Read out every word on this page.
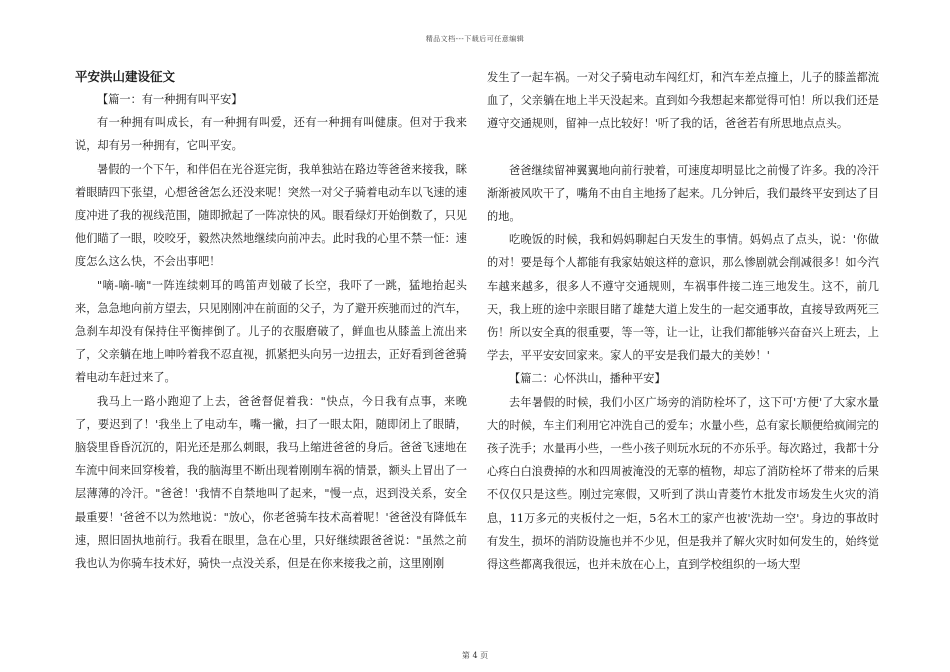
精品文档---下载后可任意编辑
平安洪山建设征文
【篇一：有一种拥有叫平安】

有一种拥有叫成长，有一种拥有叫爱，还有一种拥有叫健康。但对于我来说，却有另一种拥有，它叫平安。

暑假的一个下午，和伴侣在光谷逛完街，我单独站在路边等爸爸来接我，眯着眼睛四下张望，心想爸爸怎么还没来呢！突然一对父子骑着电动车以飞速的速度冲进了我的视线范围，随即掀起了一阵凉快的风。眼看绿灯开始倒数了，只见他们瞄了一眼，咬咬牙，毅然决然地继续向前冲去。此时我的心里不禁一怔：速度怎么这么快，不会出事吧！

"嘀-嘀-嘀"一阵连续刺耳的鸣笛声划破了长空，我吓了一跳，猛地抬起头来，急急地向前方望去，只见刚刚冲在前面的父子，为了避开疾驰而过的汽车，急刹车却没有保持住平衡摔倒了。儿子的衣服磨破了，鲜血也从膝盖上流出来了，父亲躺在地上呻吟着我不忍直视，抓紧把头向另一边扭去，正好看到爸爸骑着电动车赶过来了。

我马上一路小跑迎了上去，爸爸督促着我："快点，今日我有点事，来晚了，要迟到了！'我坐上了电动车，嘴一撇，扫了一眼太阳，随即闭上了眼睛，脑袋里昏昏沉沉的，阳光还是那么刺眼，我马上缩进爸爸的身后。爸爸飞速地在车流中间来回穿梭着，我的脑海里不断出现着刚刚车祸的情景，额头上冒出了一层薄薄的冷汗。"爸爸！'我情不自禁地叫了起来，"慢一点，迟到没关系，安全最重要！'爸爸不以为然地说："放心，你老爸骑车技术高着呢！'爸爸没有降低车速，照旧固执地前行。我看在眼里，急在心里，只好继续跟爸爸说："虽然之前我也认为你骑车技术好，骑快一点没关系，但是在你来接我之前，这里刚刚

发生了一起车祸。一对父子骑电动车闯红灯，和汽车差点撞上，儿子的膝盖都流血了，父亲躺在地上半天没起来。直到如今我想起来都觉得可怕！所以我们还是遵守交通规则，留神一点比较好！'听了我的话，爸爸若有所思地点点头。

爸爸继续留神翼翼地向前行驶着，可速度却明显比之前慢了许多。我的冷汗渐渐被风吹干了，嘴角不由自主地扬了起来。几分钟后，我们最终平安到达了目的地。

吃晚饭的时候，我和妈妈聊起白天发生的事情。妈妈点了点头，说：'你做的对！要是每个人都能有我家姑娘这样的意识，那么惨剧就会削减很多！如今汽车越来越多，很多人不遵守交通规则，车祸事件接二连三地发生。这不，前几天，我上班的途中亲眼目睹了雄楚大道上发生的一起交通事故，直接导致两死三伤！所以安全真的很重要，等一等，让一让，让我们都能够兴奋奋兴上班去，上学去，平平安安回家来。家人的平安是我们最大的美妙！'

【篇二：心怀洪山，播种平安】

去年暑假的时候，我们小区广场旁的消防栓坏了，这下可'方便'了大家水量大的时候，车主们利用它冲洗自己的爱车；水量小些，总有家长顺便给疯闹完的孩子洗手；水量再小些，一些小孩子则玩水玩的不亦乐乎。每次路过，我都十分心疼白白浪费掉的水和四周被淹没的无辜的植物，却忘了消防栓坏了带来的后果不仅仅只是这些。刚过完寒假，又听到了洪山青菱竹木批发市场发生火灾的消息，11万多元的夹板付之一炬，5名木工的家产也被'洗劫一空'。身边的事故时有发生，损坏的消防设施也并不少见，但是我并了解火灾时如何发生的，始终觉得这些都离我很远，也并未放在心上，直到学校组织的一场大型

第 4 页
